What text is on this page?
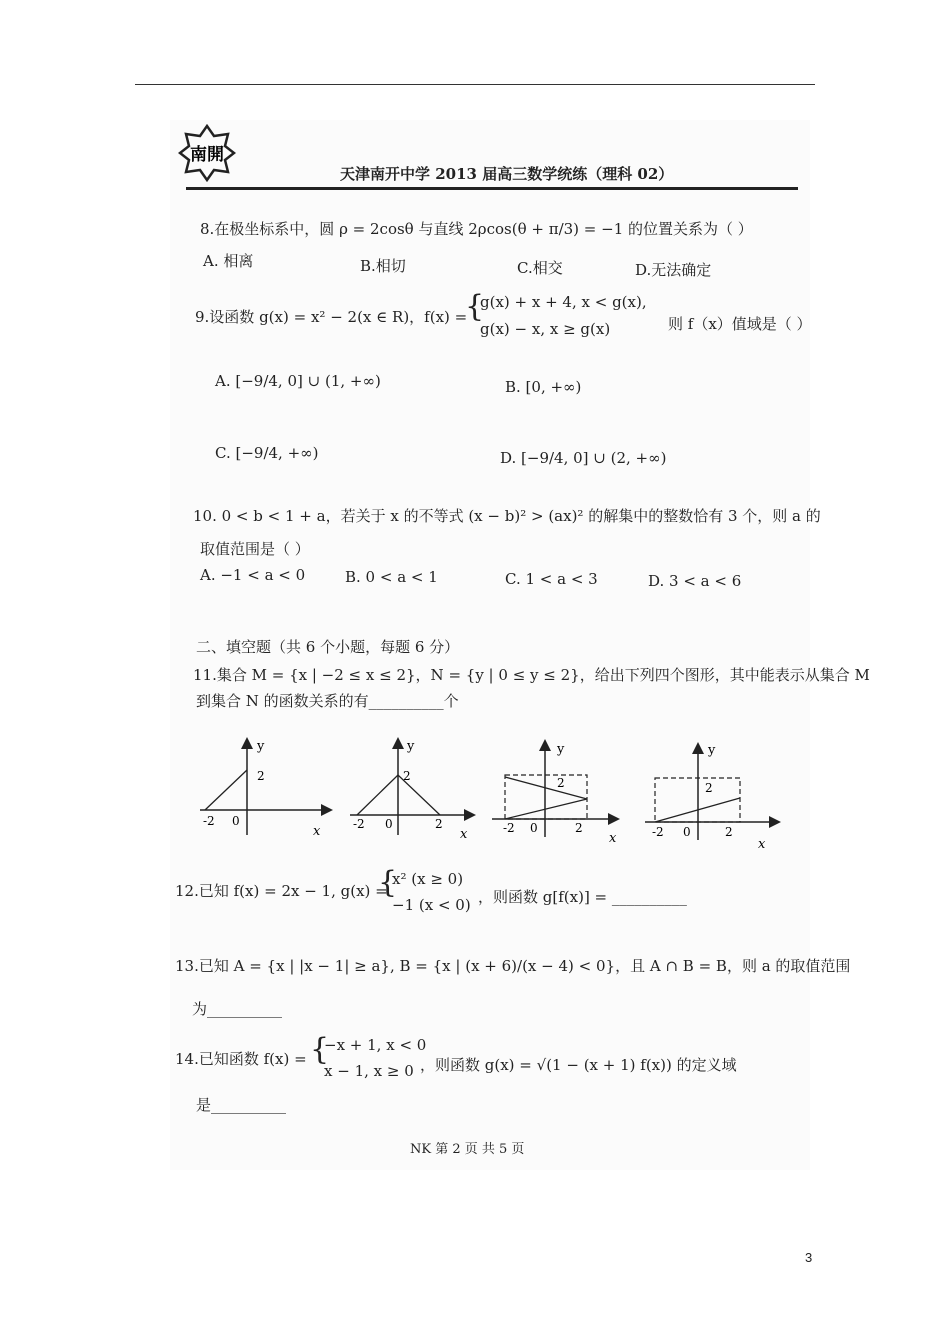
南開
天津南开中学 2013 届高三数学统练（理科 02）
8.在极坐标系中，圆 ρ = 2cosθ 与直线 2ρcos(θ + π/3) = −1 的位置关系为（ ）
A. 相离	B.相切	C.相交	D.无法确定
9.设函数 g(x) = x² − 2(x ∈ R)，f(x) =
{
g(x) + x + 4, x < g(x),
g(x) − x, x ≥ g(x)	则 f（x）值域是（ ）
A. [−9/4, 0] ∪ (1, +∞)	B. [0, +∞)
C. [−9/4, +∞)	D. [−9/4, 0] ∪ (2, +∞)
10. 0 < b < 1 + a，若关于 x 的不等式 (x − b)² > (ax)² 的解集中的整数恰有 3 个，则 a 的
取值范围是（ ）
A. −1 < a < 0	B. 0 < a < 1	C. 1 < a < 3	D. 3 < a < 6
二、填空题（共 6 个小题，每题 6 分）
11.集合 M = {x | −2 ≤ x ≤ 2}，N = {y | 0 ≤ y ≤ 2}，给出下列四个图形，其中能表示从集合 M
到集合 N 的函数关系的有__________个
y
2
-2 0
x
y
2
-2 0	2
x
y
2
-2 0	2
x
y
2
-2 0	2
x
12.已知 f(x) = 2x − 1, g(x) =
{
x² (x ≥ 0)
−1 (x < 0) ，则函数 g[f(x)] = __________
13.已知 A = {x | |x − 1| ≥ a}, B = {x | (x + 6)/(x − 4) < 0}，且 A ∩ B = B，则 a 的取值范围
为__________
14.已知函数 f(x) = {
−x + 1, x < 0
x − 1, x ≥ 0 ，则函数 g(x) = √(1 − (x + 1) f(x)) 的定义域
是__________
NK 第 2 页 共 5 页
3
